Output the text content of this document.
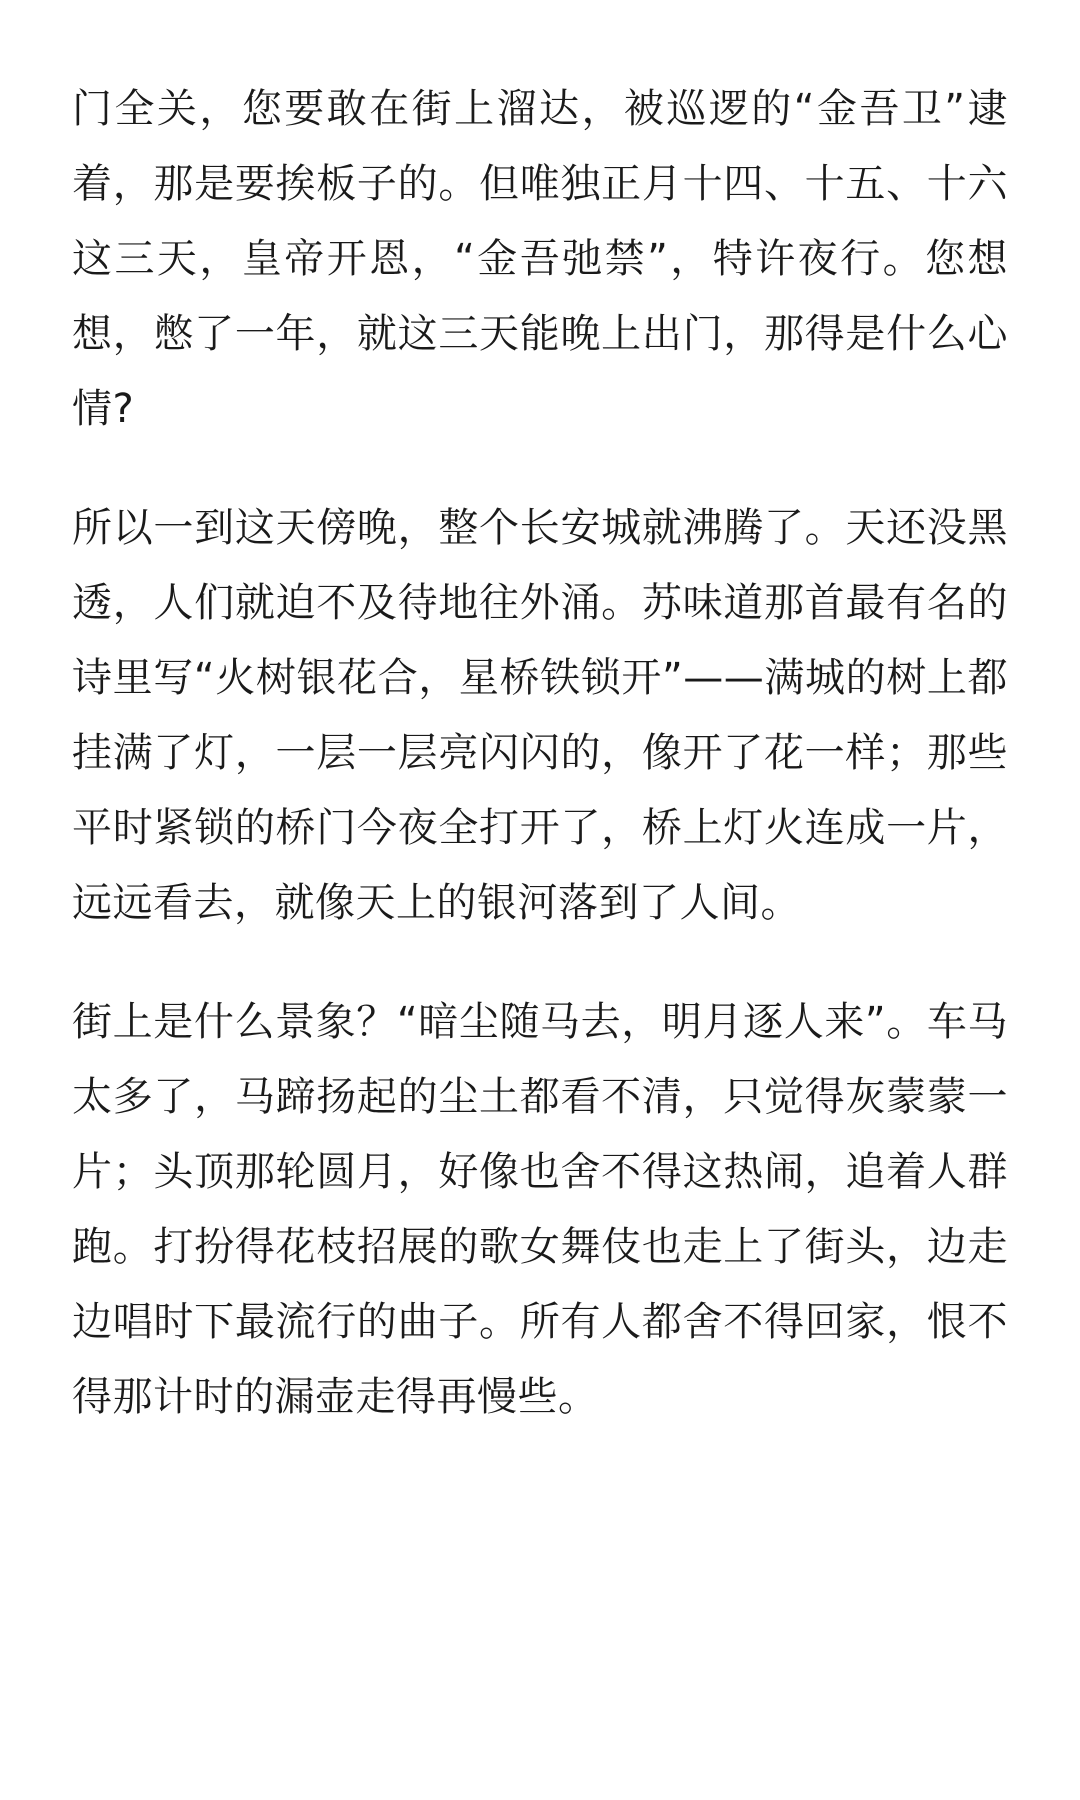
门全关，您要敢在街上溜达，被巡逻的“金吾卫”逮着，那是要挨板子的。但唯独正月十四、十五、十六这三天，皇帝开恩，“金吾弛禁”，特许夜行。您想想，憋了一年，就这三天能晚上出门，那得是什么心情?

所以一到这天傍晚，整个长安城就沸腾了。天还没黑透，人们就迫不及待地往外涌。苏味道那首最有名的诗里写“火树银花合，星桥铁锁开”——满城的树上都挂满了灯，一层一层亮闪闪的，像开了花一样；那些平时紧锁的桥门今夜全打开了，桥上灯火连成一片，远远看去，就像天上的银河落到了人间。

街上是什么景象？“暗尘随马去，明月逐人来”。车马太多了，马蹄扬起的尘土都看不清，只觉得灰蒙蒙一片；头顶那轮圆月，好像也舍不得这热闹，追着人群跑。打扮得花枝招展的歌女舞伎也走上了街头，边走边唱时下最流行的曲子。所有人都舍不得回家，恨不得那计时的漏壶走得再慢些。
